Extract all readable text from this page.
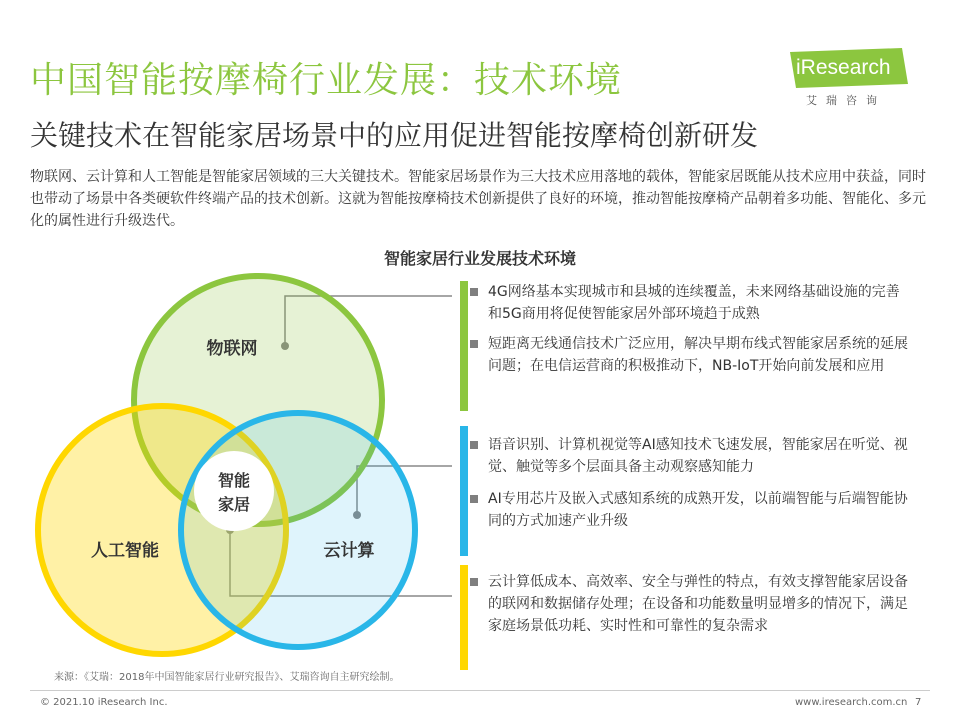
中国智能按摩椅行业发展：技术环境
关键技术在智能家居场景中的应用促进智能按摩椅创新研发
iResearch
艾瑞咨询
物联网、云计算和人工智能是智能家居领域的三大关键技术。智能家居场景作为三大技术应用落地的载体，智能家居既能从技术应用中获益，同时也带动了场景中各类硬软件终端产品的技术创新。这就为智能按摩椅技术创新提供了良好的环境，推动智能按摩椅产品朝着多功能、智能化、多元化的属性进行升级迭代。
智能家居行业发展技术环境
物联网
人工智能	云计算
智能
家居
4G网络基本实现城市和县城的连续覆盖，未来网络基础设施的完善和5G商用将促使智能家居外部环境趋于成熟
短距离无线通信技术广泛应用，解决早期布线式智能家居系统的延展问题；在电信运营商的积极推动下，NB-IoT开始向前发展和应用
语音识别、计算机视觉等AI感知技术飞速发展，智能家居在听觉、视觉、触觉等多个层面具备主动观察感知能力
AI专用芯片及嵌入式感知系统的成熟开发，以前端智能与后端智能协同的方式加速产业升级
云计算低成本、高效率、安全与弹性的特点，有效支撑智能家居设备的联网和数据储存处理；在设备和功能数量明显增多的情况下，满足家庭场景低功耗、实时性和可靠性的复杂需求
来源：《艾瑞：2018年中国智能家居行业研究报告》、艾瑞咨询自主研究绘制。
© 2021.10 iResearch Inc.	www.iresearch.com.cn 7
